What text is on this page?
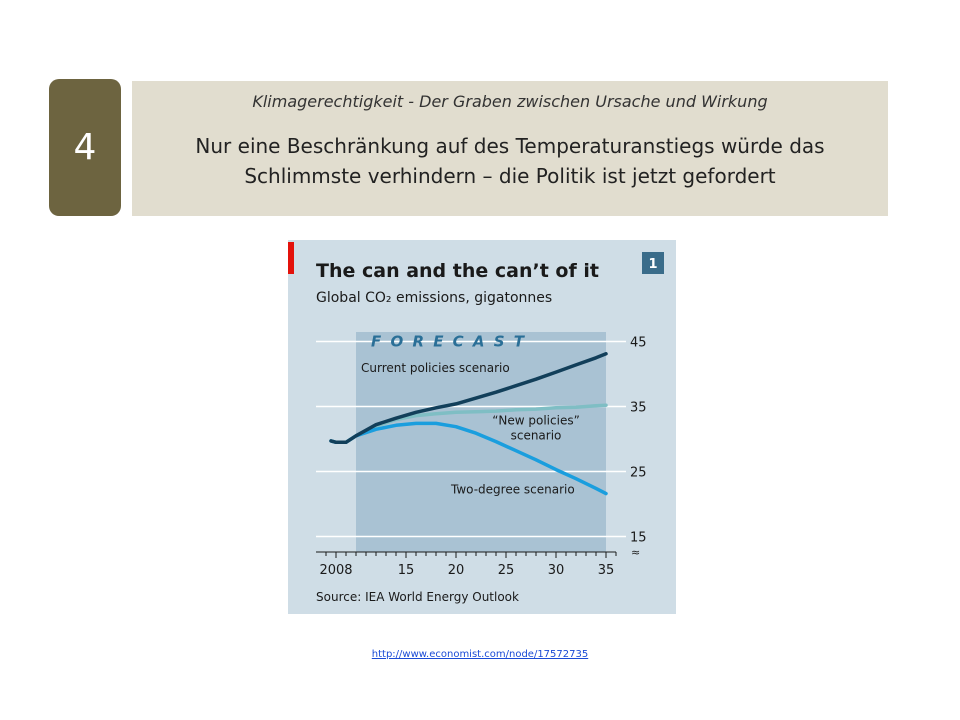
4
Klimagerechtigkeit - Der Graben zwischen Ursache und Wirkung
Nur eine Beschränkung auf des Temperaturanstiegs würde das Schlimmste verhindern – die Politik ist jetzt gefordert
1
The can and the can’t of it
Global CO₂ emissions, gigatonnes
45
35
25
15
≈
2008	15	20	25	30	35
F O R E C A S T
Current policies scenario
“New policies” scenario
Two-degree scenario
Source: IEA World Energy Outlook
http://www.economist.com/node/17572735
